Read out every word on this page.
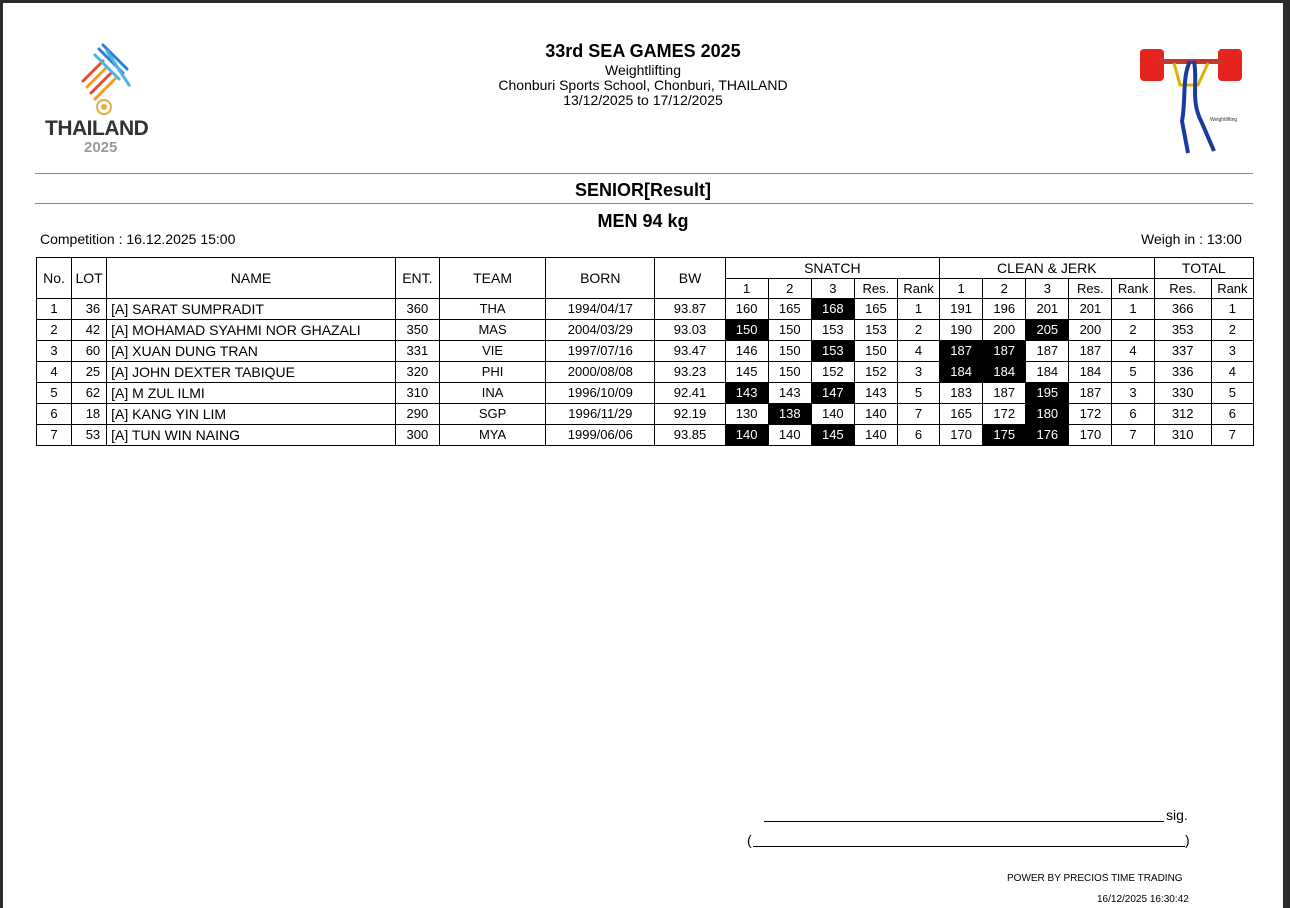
THAILAND
2025
33rd SEA GAMES 2025
Weightlifting
Chonburi Sports School, Chonburi, THAILAND
13/12/2025 to 17/12/2025
Weightlifting
SENIOR[Result]
MEN 94 kg
Competition : 16.12.2025 15:00	Weigh in : 13:00
No.	LOT	NAME	ENT.	TEAM	BORN	BW	SNATCH					CLEAN & JERK					TOTAL	
							1	2	3	Res.	Rank	1	2	3	Res.	Rank	Res.	Rank
1	36	[A] SARAT SUMPRADIT	360	THA	1994/04/17	93.87	160	165	168	165	1	191	196	201	201	1	366	1
2	42	[A] MOHAMAD SYAHMI NOR GHAZALI	350	MAS	2004/03/29	93.03	150	150	153	153	2	190	200	205	200	2	353	2
3	60	[A] XUAN DUNG TRAN	331	VIE	1997/07/16	93.47	146	150	153	150	4	187	187	187	187	4	337	3
4	25	[A] JOHN DEXTER TABIQUE	320	PHI	2000/08/08	93.23	145	150	152	152	3	184	184	184	184	5	336	4
5	62	[A] M ZUL ILMI	310	INA	1996/10/09	92.41	143	143	147	143	5	183	187	195	187	3	330	5
6	18	[A] KANG YIN LIM	290	SGP	1996/11/29	92.19	130	138	140	140	7	165	172	180	172	6	312	6
7	53	[A] TUN WIN NAING	300	MYA	1999/06/06	93.85	140	140	145	140	6	170	175	176	170	7	310	7
sig.
(	)
POWER BY PRECIOS TIME TRADING
16/12/2025 16:30:42
